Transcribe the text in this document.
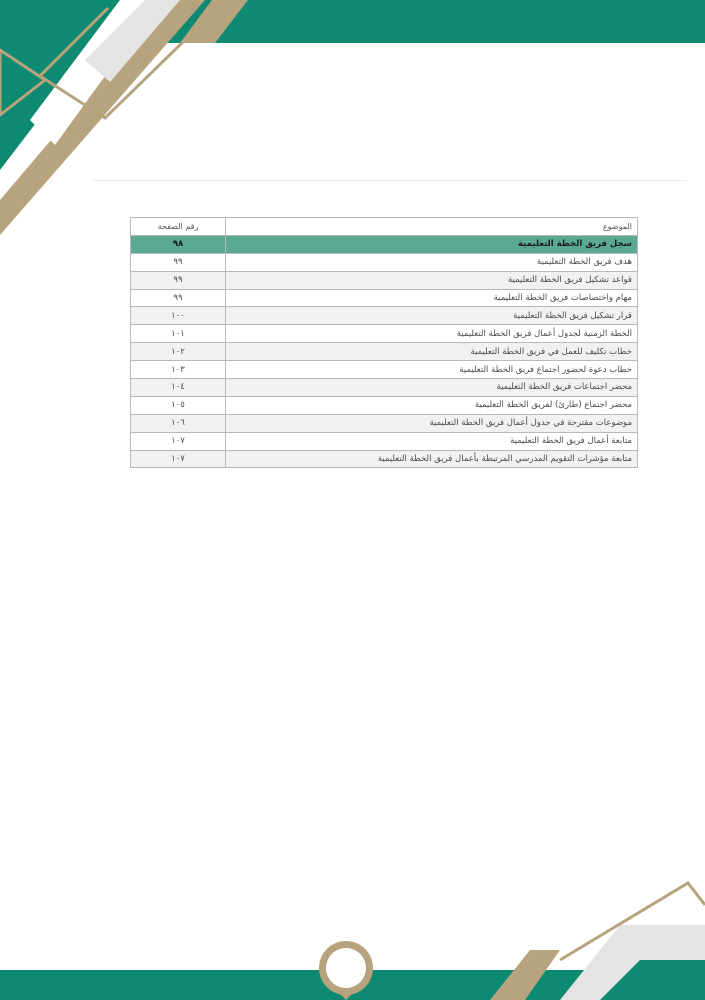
الموضوع	رقم الصفحة
سجل فريق الخطة التعليمية	٩٨
هدف فريق الخطة التعليمية	٩٩
قواعد تشكيل فريق الخطة التعليمية	٩٩
مهام واختصاصات فريق الخطة التعليمية	٩٩
قرار تشكيل فريق الخطة التعليمية	١٠٠
الخطة الزمنية لجدول أعمال فريق الخطة التعليمية	١٠١
خطاب تكليف للعمل في فريق الخطة التعليمية	١٠٢
خطاب دعوة لحضور اجتماع فريق الخطة التعليمية	١٠٣
محضر اجتماعات فريق الخطة التعليمية	١٠٤
محضر اجتماع (طارئ) لفريق الخطة التعليمية	١٠٥
موضوعات مقترحة في جدول أعمال فريق الخطة التعليمية	١٠٦
متابعة أعمال فريق الخطة التعليمية	١٠٧
متابعة مؤشرات التقويم المدرسي المرتبطة بأعمال فريق الخطة التعليمية	١٠٧
